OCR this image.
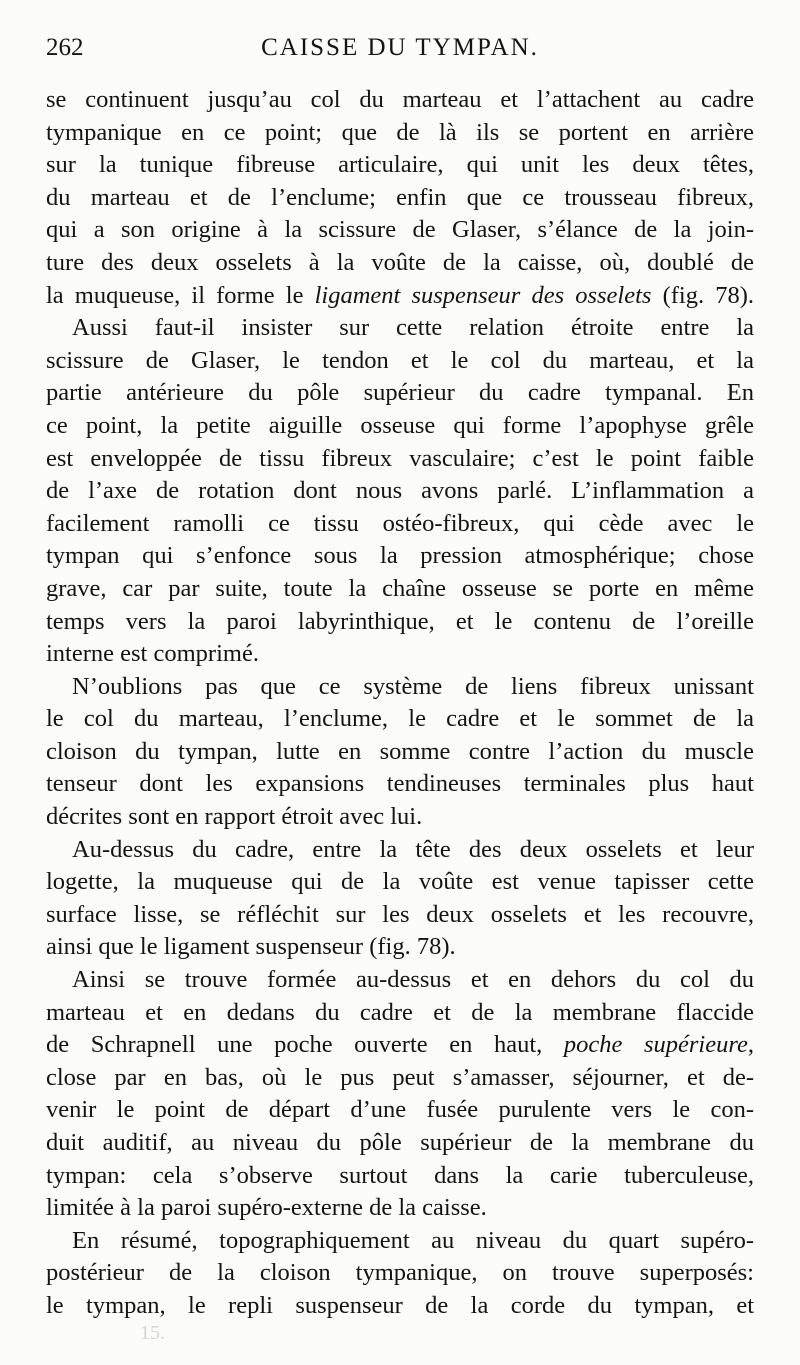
262	CAISSE DU TYMPAN.
se continuent jusqu’au col du marteau et l’attachent au cadre
tympanique en ce point; que de là ils se portent en arrière
sur la tunique fibreuse articulaire, qui unit les deux têtes,
du marteau et de l’enclume; enfin que ce trousseau fibreux,
qui a son origine à la scissure de Glaser, s’élance de la join-
ture des deux osselets à la voûte de la caisse, où, doublé de
la muqueuse, il forme le ligament suspenseur des osselets (fig. 78).
Aussi faut-il insister sur cette relation étroite entre la
scissure de Glaser, le tendon et le col du marteau, et la
partie antérieure du pôle supérieur du cadre tympanal. En
ce point, la petite aiguille osseuse qui forme l’apophyse grêle
est enveloppée de tissu fibreux vasculaire; c’est le point faible
de l’axe de rotation dont nous avons parlé. L’inflammation a
facilement ramolli ce tissu ostéo-fibreux, qui cède avec le
tympan qui s’enfonce sous la pression atmosphérique; chose
grave, car par suite, toute la chaîne osseuse se porte en même
temps vers la paroi labyrinthique, et le contenu de l’oreille
interne est comprimé.
N’oublions pas que ce système de liens fibreux unissant
le col du marteau, l’enclume, le cadre et le sommet de la
cloison du tympan, lutte en somme contre l’action du muscle
tenseur dont les expansions tendineuses terminales plus haut
décrites sont en rapport étroit avec lui.
Au-dessus du cadre, entre la tête des deux osselets et leur
logette, la muqueuse qui de la voûte est venue tapisser cette
surface lisse, se réfléchit sur les deux osselets et les recouvre,
ainsi que le ligament suspenseur (fig. 78).
Ainsi se trouve formée au-dessus et en dehors du col du
marteau et en dedans du cadre et de la membrane flaccide
de Schrapnell une poche ouverte en haut, poche supérieure,
close par en bas, où le pus peut s’amasser, séjourner, et de-
venir le point de départ d’une fusée purulente vers le con-
duit auditif, au niveau du pôle supérieur de la membrane du
tympan: cela s’observe surtout dans la carie tuberculeuse,
limitée à la paroi supéro-externe de la caisse.
En résumé, topographiquement au niveau du quart supéro-
postérieur de la cloison tympanique, on trouve superposés:
le tympan, le repli suspenseur de la corde du tympan, et
15.
